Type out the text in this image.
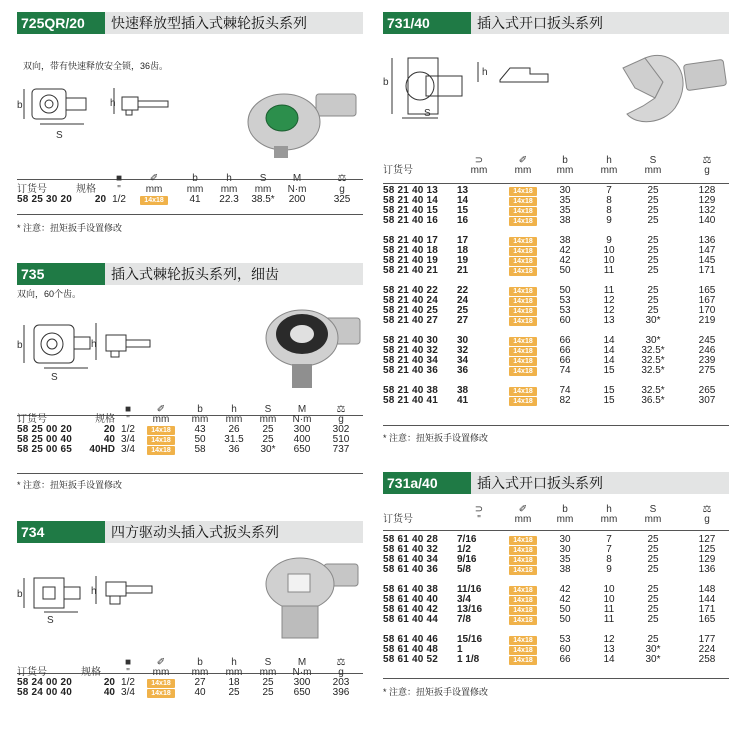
725QR/20	快速释放型插入式棘轮扳头系列
双向，带有快速释放安全锁，36齿。
b
S
h
		■	✐	b	h	S	M	⚖
订货号	规格	"	mm	mm	mm	mm	N·m	g
58 25 30 20	20	1/2	14x18	41	22.3	38.5*	200	325
* 注意：扭矩扳手设置修改
735	插入式棘轮扳头系列，细齿
双向，60个齿。
b
S
h
		■	✐	b	h	S	M	⚖
订货号	规格	"	mm	mm	mm	mm	N·m	g
58 25 00 20	20	1/2	14x18	43	26	25	300	302
58 25 00 40	40	3/4	14x18	50	31.5	25	400	510
58 25 00 65	40HD	3/4	14x18	58	36	30*	650	737
* 注意：扭矩扳手设置修改
734	四方驱动头插入式扳头系列
b
S
h
		■	✐	b	h	S	M	⚖
订货号	规格	"	mm	mm	mm	mm	N·m	g
58 24 00 20	20	1/2	14x18	27	18	25	300	203
58 24 00 40	40	3/4	14x18	40	25	25	650	396
731/40	插入式开口扳头系列
b
S
h
	⊃	✐	b	h	S	⚖
订货号	mm	mm	mm	mm	mm	g

58 21 40 13	13	14x18	30	7	25	128
58 21 40 14	14	14x18	35	8	25	129
58 21 40 15	15	14x18	35	8	25	132
58 21 40 16	16	14x18	38	9	25	140

58 21 40 17	17	14x18	38	9	25	136
58 21 40 18	18	14x18	42	10	25	147
58 21 40 19	19	14x18	42	10	25	145
58 21 40 21	21	14x18	50	11	25	171

58 21 40 22	22	14x18	50	11	25	165
58 21 40 24	24	14x18	53	12	25	167
58 21 40 25	25	14x18	53	12	25	170
58 21 40 27	27	14x18	60	13	30*	219

58 21 40 30	30	14x18	66	14	30*	245
58 21 40 32	32	14x18	66	14	32.5*	246
58 21 40 34	34	14x18	66	14	32.5*	239
58 21 40 36	36	14x18	74	15	32.5*	275

58 21 40 38	38	14x18	74	15	32.5*	265
58 21 40 41	41	14x18	82	15	36.5*	307
* 注意：扭矩扳手设置修改
731a/40	插入式开口扳头系列
	⊃	✐	b	h	S	⚖
订货号	"	mm	mm	mm	mm	g

58 61 40 28	7/16	14x18	30	7	25	127
58 61 40 32	1/2	14x18	30	7	25	125
58 61 40 34	9/16	14x18	35	8	25	129
58 61 40 36	5/8	14x18	38	9	25	136

58 61 40 38	11/16	14x18	42	10	25	148
58 61 40 40	3/4	14x18	42	10	25	144
58 61 40 42	13/16	14x18	50	11	25	171
58 61 40 44	7/8	14x18	50	11	25	165

58 61 40 46	15/16	14x18	53	12	25	177
58 61 40 48	1	14x18	60	13	30*	224
58 61 40 52	1 1/8	14x18	66	14	30*	258
* 注意：扭矩扳手设置修改
